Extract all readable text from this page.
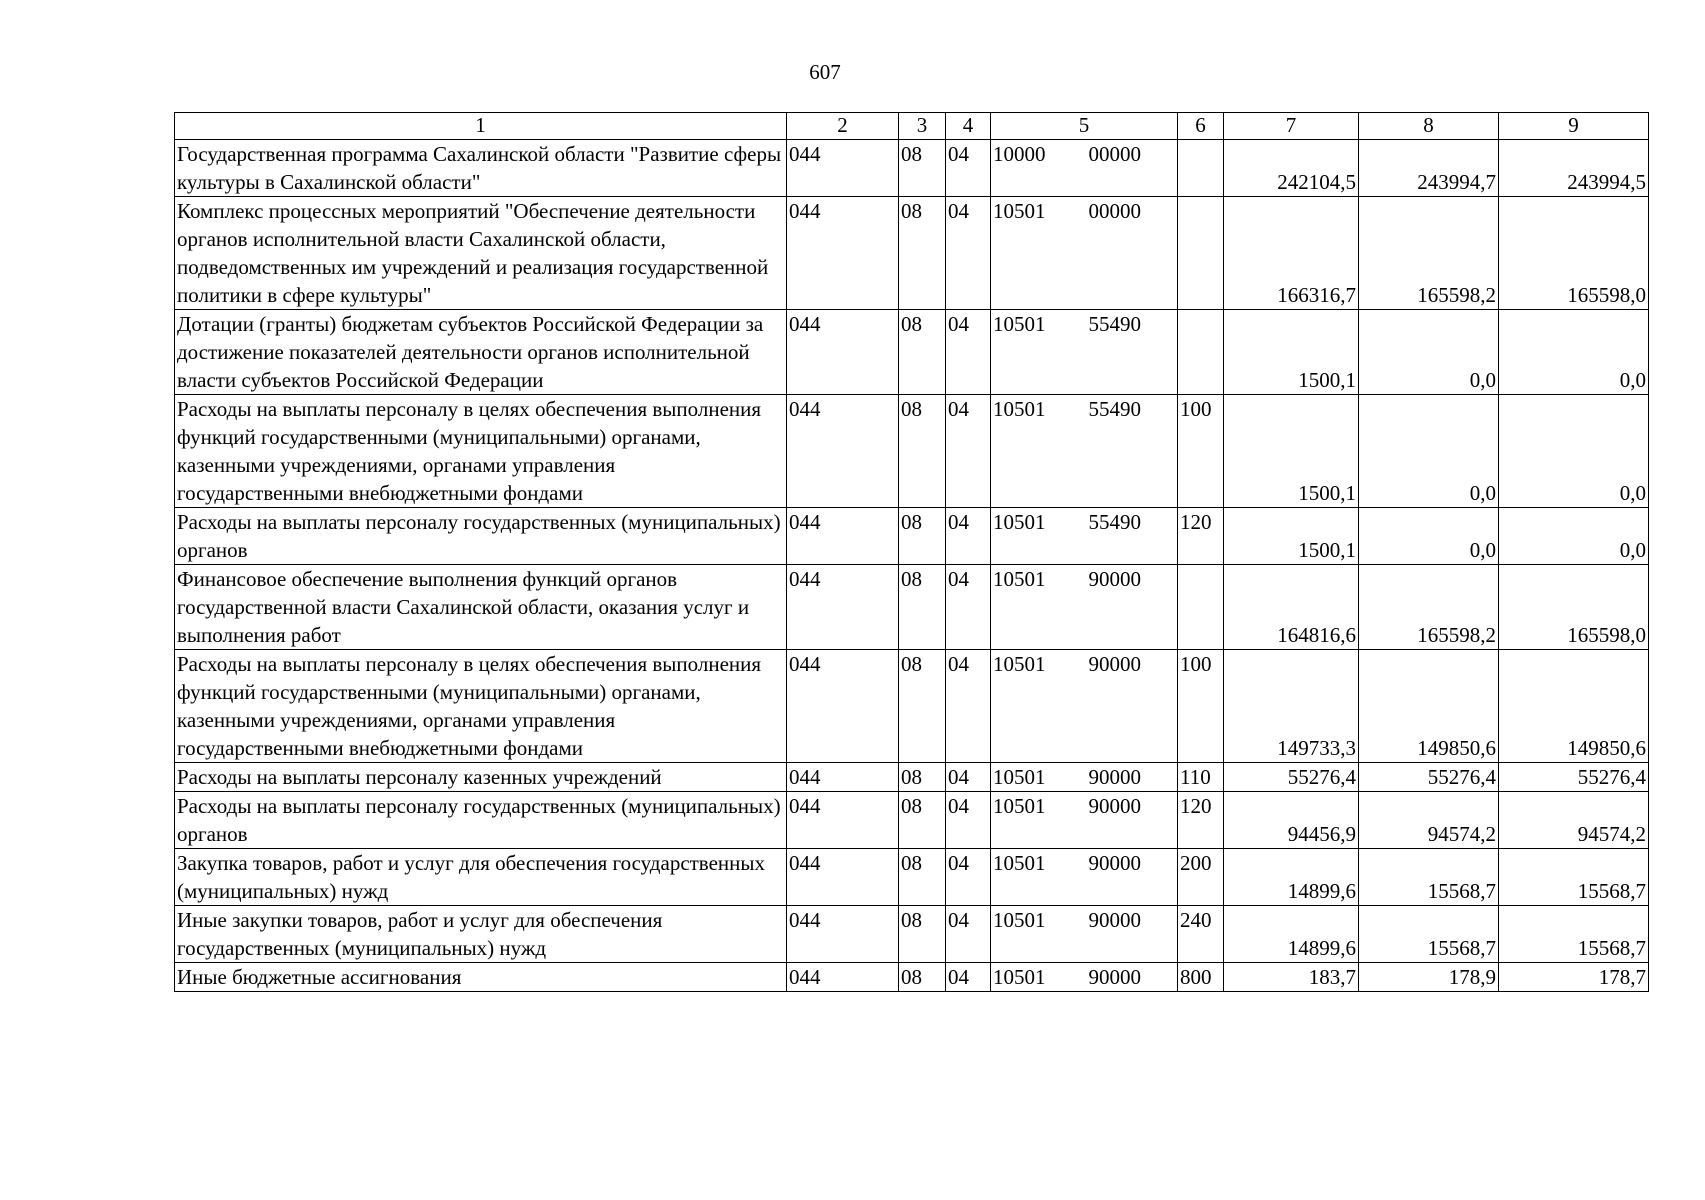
607
1	2	3	4	5	6	7	8	9
Государственная программа Сахалинской области "Развитие сферы культуры в Сахалинской области"	044	08	04	10000 00000		242104,5	243994,7	243994,5
Комплекс процессных мероприятий "Обеспечение деятельности органов исполнительной власти Сахалинской области, подведомственных им учреждений и реализация государственной политики в сфере культуры"	044	08	04	10501 00000		166316,7	165598,2	165598,0
Дотации (гранты) бюджетам субъектов Российской Федерации за достижение показателей деятельности органов исполнительной власти субъектов Российской Федерации	044	08	04	10501 55490		1500,1	0,0	0,0
Расходы на выплаты персоналу в целях обеспечения выполнения функций государственными (муниципальными) органами, казенными учреждениями, органами управления государственными внебюджетными фондами	044	08	04	10501 55490	100	1500,1	0,0	0,0
Расходы на выплаты персоналу государственных (муниципальных) органов	044	08	04	10501 55490	120	1500,1	0,0	0,0
Финансовое обеспечение выполнения функций органов государственной власти Сахалинской области, оказания услуг и выполнения работ	044	08	04	10501 90000		164816,6	165598,2	165598,0
Расходы на выплаты персоналу в целях обеспечения выполнения функций государственными (муниципальными) органами, казенными учреждениями, органами управления государственными внебюджетными фондами	044	08	04	10501 90000	100	149733,3	149850,6	149850,6
Расходы на выплаты персоналу казенных учреждений	044	08	04	10501 90000	110	55276,4	55276,4	55276,4
Расходы на выплаты персоналу государственных (муниципальных) органов	044	08	04	10501 90000	120	94456,9	94574,2	94574,2
Закупка товаров, работ и услуг для обеспечения государственных (муниципальных) нужд	044	08	04	10501 90000	200	14899,6	15568,7	15568,7
Иные закупки товаров, работ и услуг для обеспечения государственных (муниципальных) нужд	044	08	04	10501 90000	240	14899,6	15568,7	15568,7
Иные бюджетные ассигнования	044	08	04	10501 90000	800	183,7	178,9	178,7
